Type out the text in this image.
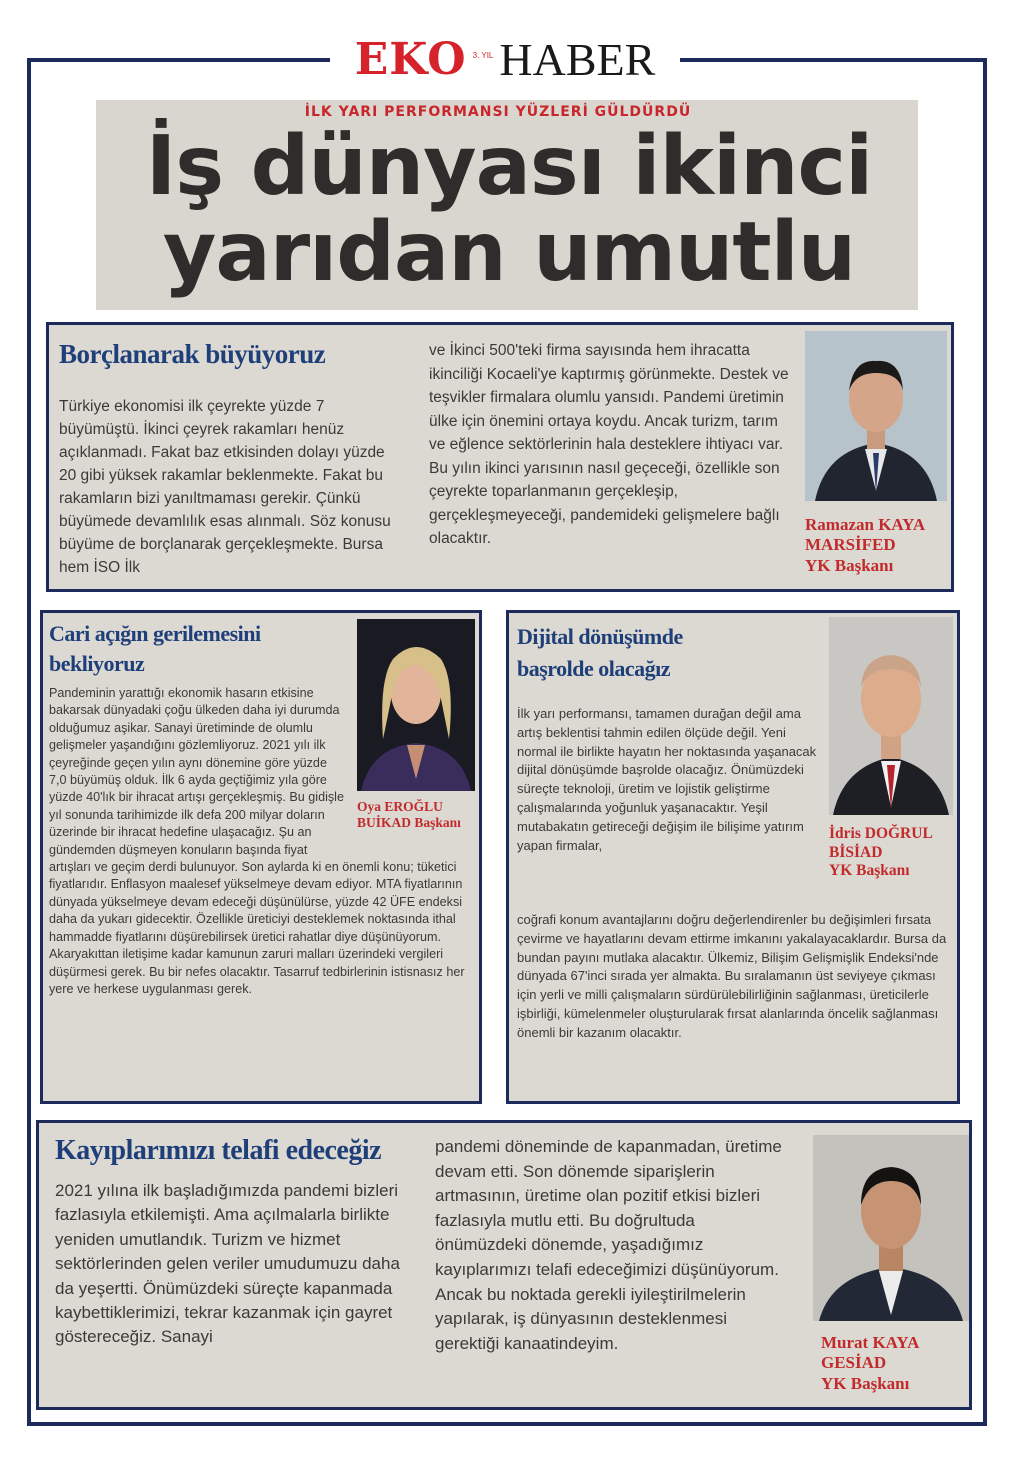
EKO 3. YIL HABER
İLK YARI PERFORMANSI YÜZLERİ GÜLDÜRDÜ
İş dünyası ikinci
yarıdan umutlu
Borçlanarak büyüyoruz
Türkiye ekonomisi ilk çeyrekte yüzde 7 büyümüştü. İkinci çeyrek rakamları henüz açıklanmadı. Fakat baz etkisinden dolayı yüzde 20 gibi yüksek rakamlar beklenmekte. Fakat bu rakamların bizi yanıltmaması gerekir. Çünkü büyümede devamlılık esas alınmalı. Söz konusu büyüme de borçlanarak gerçekleşmekte. Bursa hem İSO İlk
ve İkinci 500'teki firma sayısında hem ihracatta ikinciliği Kocaeli'ye kaptırmış görünmekte. Destek ve teşvikler firmalara olumlu yansıdı. Pandemi üretimin ülke için önemini ortaya koydu. Ancak turizm, tarım ve eğlence sektörlerinin hala desteklere ihtiyacı var. Bu yılın ikinci yarısının nasıl geçeceği, özellikle son çeyrekte toparlanmanın gerçekleşip, gerçekleşmeyeceği, pandemideki gelişmelere bağlı olacaktır.
Ramazan KAYA
MARSİFED
YK Başkanı
Cari açığın gerilemesini bekliyoruz
Oya EROĞLU
BUİKAD Başkanı
Pandeminin yarattığı ekonomik hasarın etkisine bakarsak dünyadaki çoğu ülkeden daha iyi durumda olduğumuz aşikar. Sanayi üretiminde de olumlu gelişmeler yaşandığını gözlemliyoruz. 2021 yılı ilk çeyreğinde geçen yılın aynı dönemine göre yüzde 7,0 büyümüş olduk. İlk 6 ayda geçtiğimiz yıla göre yüzde 40'lık bir ihracat artışı gerçekleşmiş. Bu gidişle yıl sonunda tarihimizde ilk defa 200 milyar doların üzerinde bir ihracat hedefine ulaşacağız. Şu an gündemden düşmeyen konuların başında fiyat artışları ve geçim derdi bulunuyor. Son aylarda ki en önemli konu; tüketici fiyatlarıdır. Enflasyon maalesef yükselmeye devam ediyor. MTA fiyatlarının dünyada yükselmeye devam edeceği düşünülürse, yüzde 42 ÜFE endeksi daha da yukarı gidecektir. Özellikle üreticiyi desteklemek noktasında ithal hammadde fiyatlarını düşürebilirsek üretici rahatlar diye düşünüyorum. Akaryakıttan iletişime kadar kamunun zaruri malları üzerindeki vergileri düşürmesi gerek. Bu bir nefes olacaktır. Tasarruf tedbirlerinin istisnasız her yere ve herkese uygulanması gerek.
Dijital dönüşümde başrolde olacağız
İdris DOĞRUL
BİSİAD
YK Başkanı
İlk yarı performansı, tamamen durağan değil ama artış beklentisi tahmin edilen ölçüde değil. Yeni normal ile birlikte hayatın her noktasında yaşanacak dijital dönüşümde başrolde olacağız. Önümüzdeki süreçte teknoloji, üretim ve lojistik geliştirme çalışmalarında yoğunluk yaşanacaktır. Yeşil mutabakatın getireceği değişim ile bilişime yatırım yapan firmalar,
coğrafi konum avantajlarını doğru değerlendirenler bu değişimleri fırsata çevirme ve hayatlarını devam ettirme imkanını yakalayacaklardır. Bursa da bundan payını mutlaka alacaktır. Ülkemiz, Bilişim Gelişmişlik Endeksi'nde dünyada 67'inci sırada yer almakta. Bu sıralamanın üst seviyeye çıkması için yerli ve milli çalışmaların sürdürülebilirliğinin sağlanması, üreticilerle işbirliği, kümelenmeler oluşturularak fırsat alanlarında öncelik sağlanması önemli bir kazanım olacaktır.
Kayıplarımızı telafi edeceğiz
2021 yılına ilk başladığımızda pandemi bizleri fazlasıyla etkilemişti. Ama açılmalarla birlikte yeniden umutlandık. Turizm ve hizmet sektörlerinden gelen veriler umudumuzu daha da yeşertti. Önümüzdeki süreçte kapanmada kaybettiklerimizi, tekrar kazanmak için gayret göstereceğiz. Sanayi
pandemi döneminde de kapanmadan, üretime devam etti. Son dönemde siparişlerin artmasının, üretime olan pozitif etkisi bizleri fazlasıyla mutlu etti. Bu doğrultuda önümüzdeki dönemde, yaşadığımız kayıplarımızı telafi edeceğimizi düşünüyorum. Ancak bu noktada gerekli iyileştirilmelerin yapılarak, iş dünyasının desteklenmesi gerektiği kanaatindeyim.	Murat KAYA
GESİAD
YK Başkanı
